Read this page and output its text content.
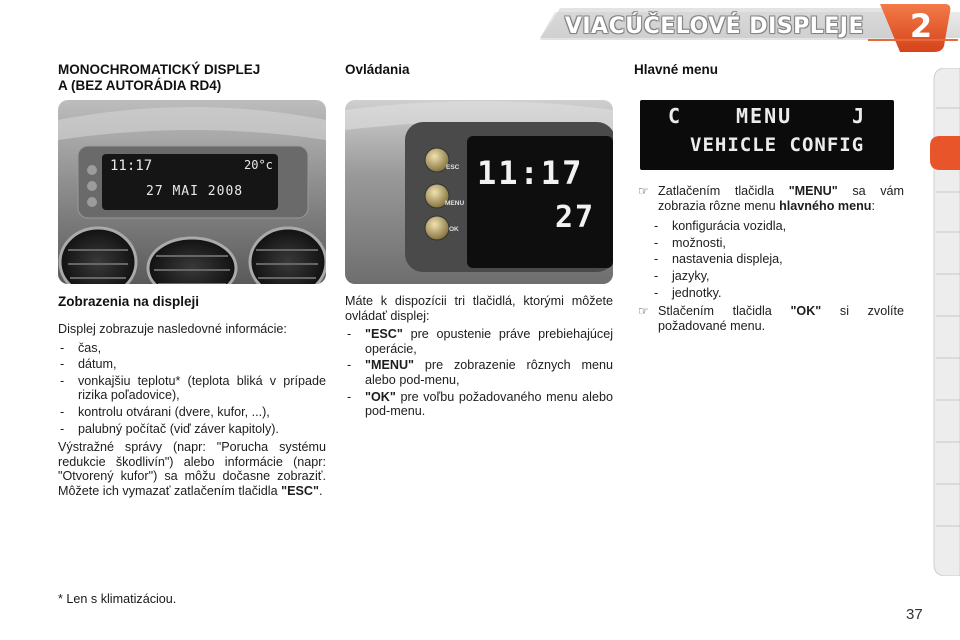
VIACÚČELOVÉ DISPLEJE 2
MONOCHROMATICKÝ DISPLEJ
A (BEZ AUTORÁDIA RD4)
11:17	20°c
27 MAI 2008
Zobrazenia na displeji

Displej zobrazuje nasledovné informácie:

- čas,
- dátum,
- vonkajšiu teplotu* (teplota bliká v prípade rizika poľadovice),
- kontrolu otvárani (dvere, kufor, ...),
- palubný počítač (viď záver kapitoly).

Výstražné správy (napr: "Porucha systému redukcie škodlivín") alebo informácie (napr: "Otvorený kufor") sa môžu dočasne zobraziť. Môžete ich vymazať zatlačením tlačidla "ESC".

* Len s klimatizáciou.
Ovládania
ESC
MENU
OK
11:17
27

Máte k dispozícii tri tlačidlá, ktorými môžete ovládať displej:

- "ESC" pre opustenie práve prebiehajúcej operácie,
- "MENU" pre zobrazenie rôznych menu alebo pod-menu,
- "OK" pre voľbu požadovaného menu alebo pod-menu.
Hlavné menu
C	MENU	J
VEHICLE CONFIG

☞ Zatlačením tlačidla "MENU" sa vám zobrazia rôzne menu hlavného menu:

- konfigurácia vozidla,
- možnosti,
- nastavenia displeja,
- jazyky,
- jednotky.

☞ Stlačením tlačidla "OK" si zvolíte požadované menu.

37
